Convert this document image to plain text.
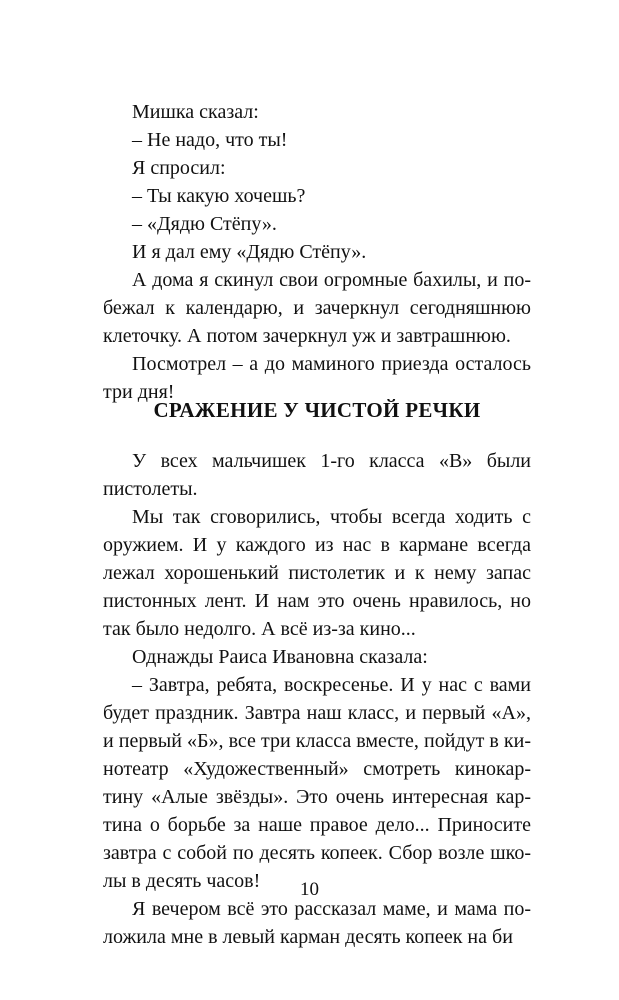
Мишка сказал:

– Не надо, что ты!

Я спросил:

– Ты какую хочешь?

– «Дядю Стёпу».

И я дал ему «Дядю Стёпу».

А дома я скинул свои огромные бахилы, и побежал к календарю, и зачеркнул сегодняшнюю клеточку. А потом зачеркнул уж и завтрашнюю.

Посмотрел – а до маминого приезда осталось три дня!

СРАЖЕНИЕ У ЧИСТОЙ РЕЧКИ

У всех мальчишек 1-го класса «В» были пистолеты.

Мы так сговорились, чтобы всегда ходить с оружием. И у каждого из нас в кармане всегда лежал хорошенький пистолетик и к нему запас пистонных лент. И нам это очень нравилось, но так было недолго. А всё из-за кино...

Однажды Раиса Ивановна сказала:

– Завтра, ребята, воскресенье. И у нас с вами будет праздник. Завтра наш класс, и первый «А», и первый «Б», все три класса вместе, пойдут в кинотеатр «Художественный» смотреть кинокартину «Алые звёзды». Это очень интересная картина о борьбе за наше правое дело... Приносите завтра с собой по десять копеек. Сбор возле школы в десять часов!

Я вечером всё это рассказал маме, и мама положила мне в левый карман десять копеек на би

10
